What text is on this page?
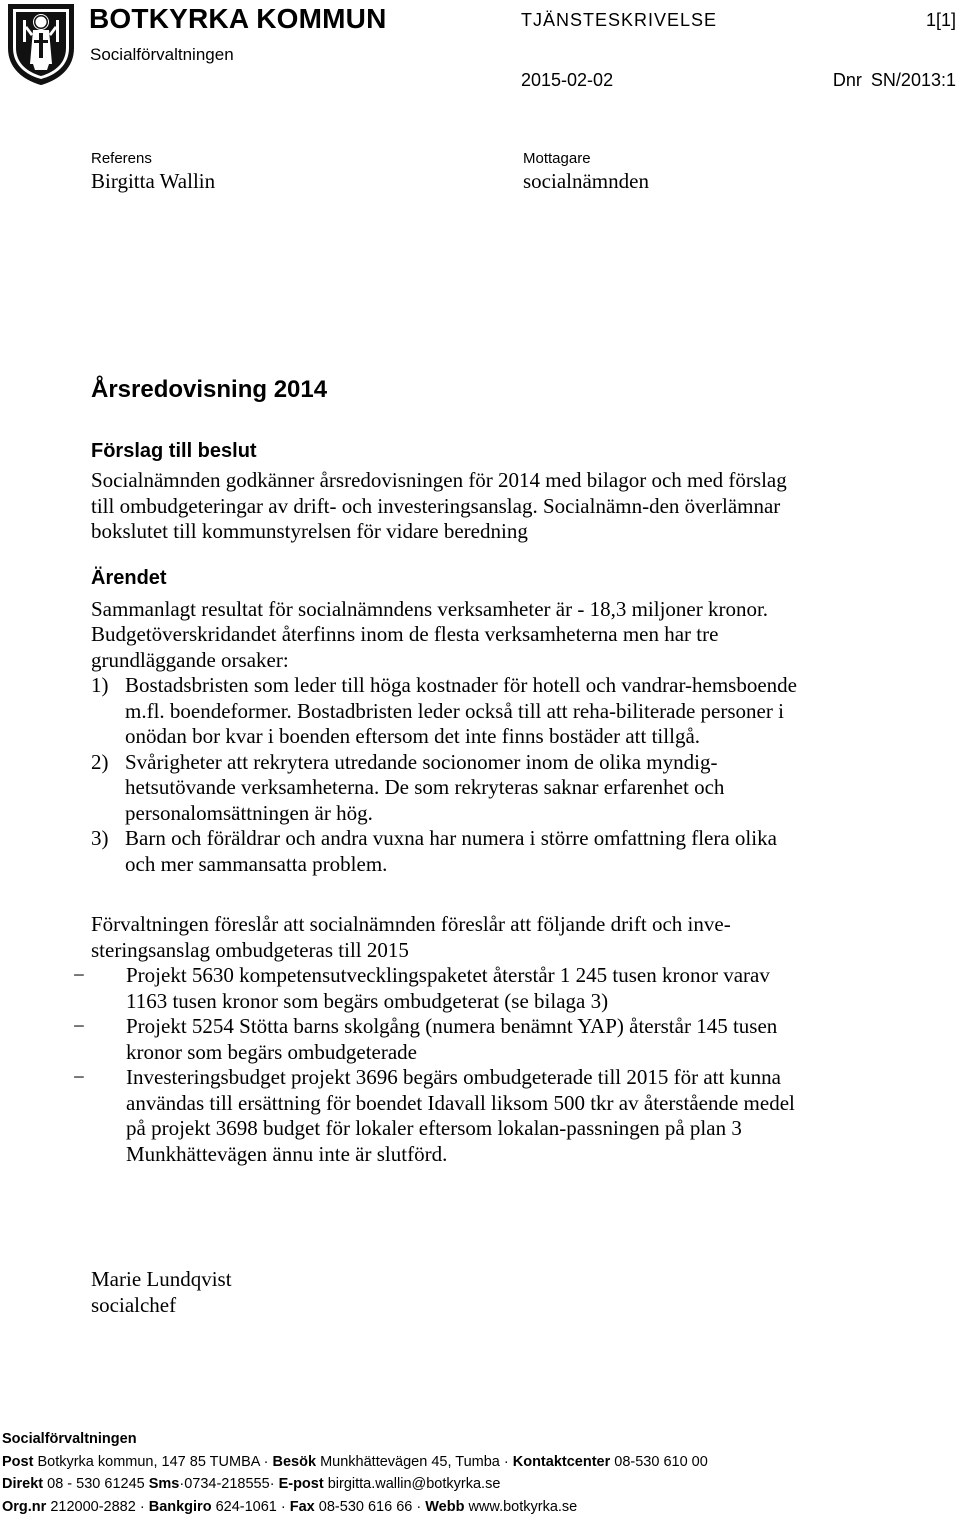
BOTKYRKA KOMMUN
Socialförvaltningen
TJÄNSTESKRIVELSE	1[1]
2015-02-02	Dnr SN/2013:1
Referens
Birgitta Wallin
Mottagare
socialnämnden
Årsredovisning 2014
Förslag till beslut

Socialnämnden godkänner årsredovisningen för 2014 med bilagor och med förslag till ombudgeteringar av drift- och investeringsanslag. Socialnämn-den överlämnar bokslutet till kommunstyrelsen för vidare beredning

Ärendet

Sammanlagt resultat för socialnämndens verksamheter är - 18,3 miljoner kronor.

Budgetöverskridandet återfinns inom de flesta verksamheterna men har tre grundläggande orsaker:

1) Bostadsbristen som leder till höga kostnader för hotell och vandrar-hemsboende m.fl. boendeformer. Bostadbristen leder också till att reha-biliterade personer i onödan bor kvar i boenden eftersom det inte finns bostäder att tillgå.
2) Svårigheter att rekrytera utredande socionomer inom de olika myndig-hetsutövande verksamheterna. De som rekryteras saknar erfarenhet och personalomsättningen är hög.
3) Barn och föräldrar och andra vuxna har numera i större omfattning flera olika och mer sammansatta problem.

Förvaltningen föreslår att socialnämnden föreslår att följande drift och inve-steringsanslag ombudgeteras till 2015

− Projekt 5630 kompetensutvecklingspaketet återstår 1 245 tusen kronor varav 1163 tusen kronor som begärs ombudgeterat (se bilaga 3)
− Projekt 5254 Stötta barns skolgång (numera benämnt YAP) återstår 145 tusen kronor som begärs ombudgeterade
− Investeringsbudget projekt 3696 begärs ombudgeterade till 2015 för att kunna användas till ersättning för boendet Idavall liksom 500 tkr av återstående medel på projekt 3698 budget för lokaler eftersom lokalan-passningen på plan 3 Munkhättevägen ännu inte är slutförd.
Marie Lundqvist
socialchef
Socialförvaltningen
Post Botkyrka kommun, 147 85 TUMBA · Besök Munkhättevägen 45, Tumba · Kontaktcenter 08-530 610 00
Direkt 08 - 530 61245 Sms·0734-218555· E-post birgitta.wallin@botkyrka.se
Org.nr 212000-2882 · Bankgiro 624-1061 · Fax 08-530 616 66 · Webb www.botkyrka.se
